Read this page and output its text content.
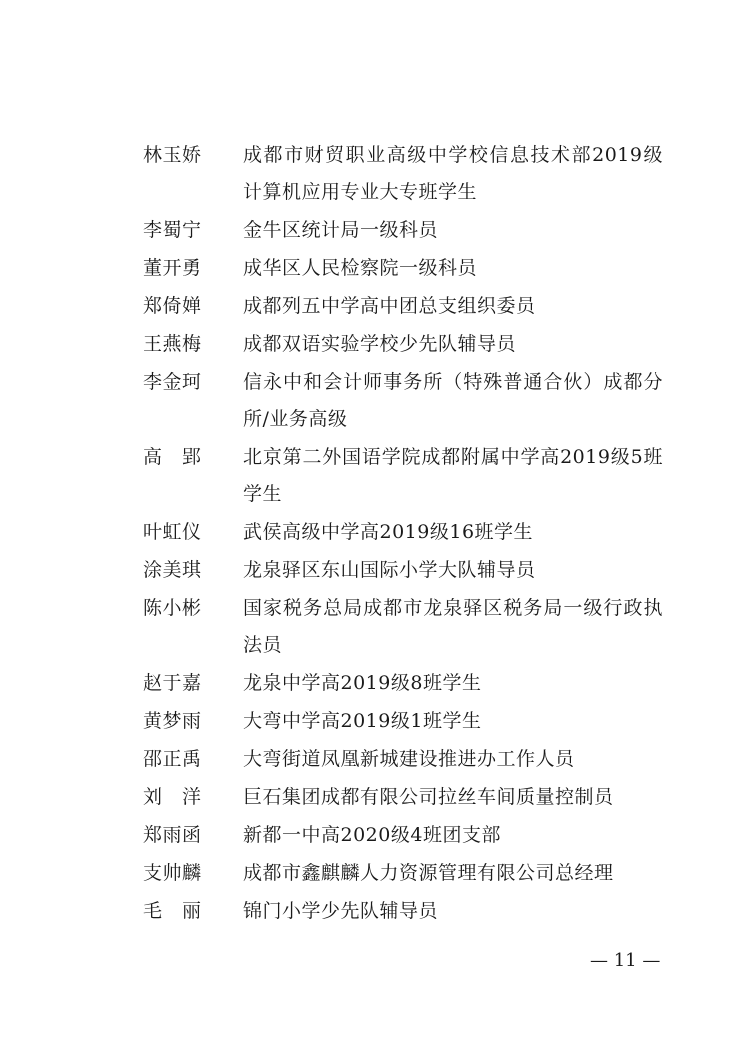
林玉娇 成都市财贸职业高级中学校信息技术部2019级计算机应用专业大专班学生
李蜀宁 金牛区统计局一级科员
董开勇 成华区人民检察院一级科员
郑倚婵 成都列五中学高中团总支组织委员
王燕梅 成都双语实验学校少先队辅导员
李金珂 信永中和会计师事务所（特殊普通合伙）成都分所/业务高级
高　郢 北京第二外国语学院成都附属中学高2019级5班学生
叶虹仪 武侯高级中学高2019级16班学生
涂美琪 龙泉驿区东山国际小学大队辅导员
陈小彬 国家税务总局成都市龙泉驿区税务局一级行政执法员
赵于嘉 龙泉中学高2019级8班学生
黄梦雨 大弯中学高2019级1班学生
邵正禹 大弯街道凤凰新城建设推进办工作人员
刘　洋 巨石集团成都有限公司拉丝车间质量控制员
郑雨函 新都一中高2020级4班团支部
支帅麟 成都市鑫麒麟人力资源管理有限公司总经理
毛　丽 锦门小学少先队辅导员
— 11 —
